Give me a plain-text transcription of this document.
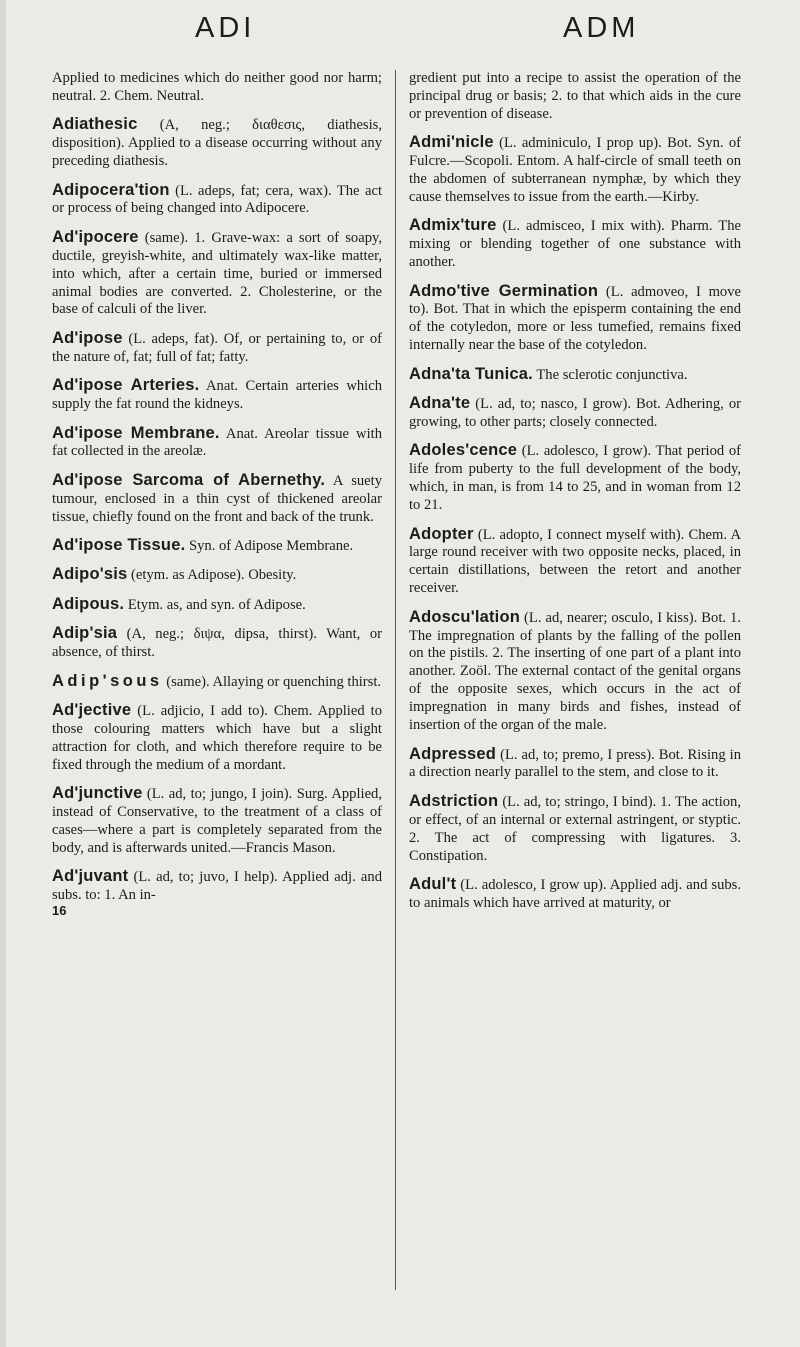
ADI	ADM

Applied to medicines which do neither good nor harm; neutral. 2. Chem. Neutral.

Adiathesic (A, neg.; διαθεσις, diathesis, disposition). Applied to a disease occurring without any preceding diathesis.

Adipocera'tion (L. adeps, fat; cera, wax). The act or process of being changed into Adipocere.

Ad'ipocere (same). 1. Grave-wax: a sort of soapy, ductile, greyish-white, and ultimately wax-like matter, into which, after a certain time, buried or immersed animal bodies are converted. 2. Cholesterine, or the base of calculi of the liver.

Ad'ipose (L. adeps, fat). Of, or pertaining to, or of the nature of, fat; full of fat; fatty.

Ad'ipose Arteries. Anat. Certain arteries which supply the fat round the kidneys.

Ad'ipose Membrane. Anat. Areolar tissue with fat collected in the areolæ.

Ad'ipose Sarcoma of Abernethy. A suety tumour, enclosed in a thin cyst of thickened areolar tissue, chiefly found on the front and back of the trunk.

Ad'ipose Tissue. Syn. of Adipose Membrane.

Adipo'sis (etym. as Adipose). Obesity.

Adipous. Etym. as, and syn. of Adipose.

Adip'sia (A, neg.; διψα, dipsa, thirst). Want, or absence, of thirst.

Adip'sous (same). Allaying or quenching thirst.

Ad'jective (L. adjicio, I add to). Chem. Applied to those colouring matters which have but a slight attraction for cloth, and which therefore require to be fixed through the medium of a mordant.

Ad'junctive (L. ad, to; jungo, I join). Surg. Applied, instead of Conservative, to the treatment of a class of cases—where a part is completely separated from the body, and is afterwards united.—Francis Mason.

Ad'juvant (L. ad, to; juvo, I help). Applied adj. and subs. to: 1. An in-

16

gredient put into a recipe to assist the operation of the principal drug or basis; 2. to that which aids in the cure or prevention of disease.

Admi'nicle (L. adminiculo, I prop up). Bot. Syn. of Fulcre.—Scopoli. Entom. A half-circle of small teeth on the abdomen of subterranean nymphæ, by which they cause themselves to issue from the earth.—Kirby.

Admix'ture (L. admisceo, I mix with). Pharm. The mixing or blending together of one substance with another.

Admo'tive Germination (L. admoveo, I move to). Bot. That in which the episperm containing the end of the cotyledon, more or less tumefied, remains fixed internally near the base of the cotyledon.

Adna'ta Tunica. The sclerotic conjunctiva.

Adna'te (L. ad, to; nasco, I grow). Bot. Adhering, or growing, to other parts; closely connected.

Adoles'cence (L. adolesco, I grow). That period of life from puberty to the full development of the body, which, in man, is from 14 to 25, and in woman from 12 to 21.

Adopter (L. adopto, I connect myself with). Chem. A large round receiver with two opposite necks, placed, in certain distillations, between the retort and another receiver.

Adoscu'lation (L. ad, nearer; osculo, I kiss). Bot. 1. The impregnation of plants by the falling of the pollen on the pistils. 2. The inserting of one part of a plant into another. Zoöl. The external contact of the genital organs of the opposite sexes, which occurs in the act of impregnation in many birds and fishes, instead of insertion of the organ of the male.

Adpressed (L. ad, to; premo, I press). Bot. Rising in a direction nearly parallel to the stem, and close to it.

Adstriction (L. ad, to; stringo, I bind). 1. The action, or effect, of an internal or external astringent, or styptic. 2. The act of compressing with ligatures. 3. Constipation.

Adul't (L. adolesco, I grow up). Applied adj. and subs. to animals which have arrived at maturity, or
